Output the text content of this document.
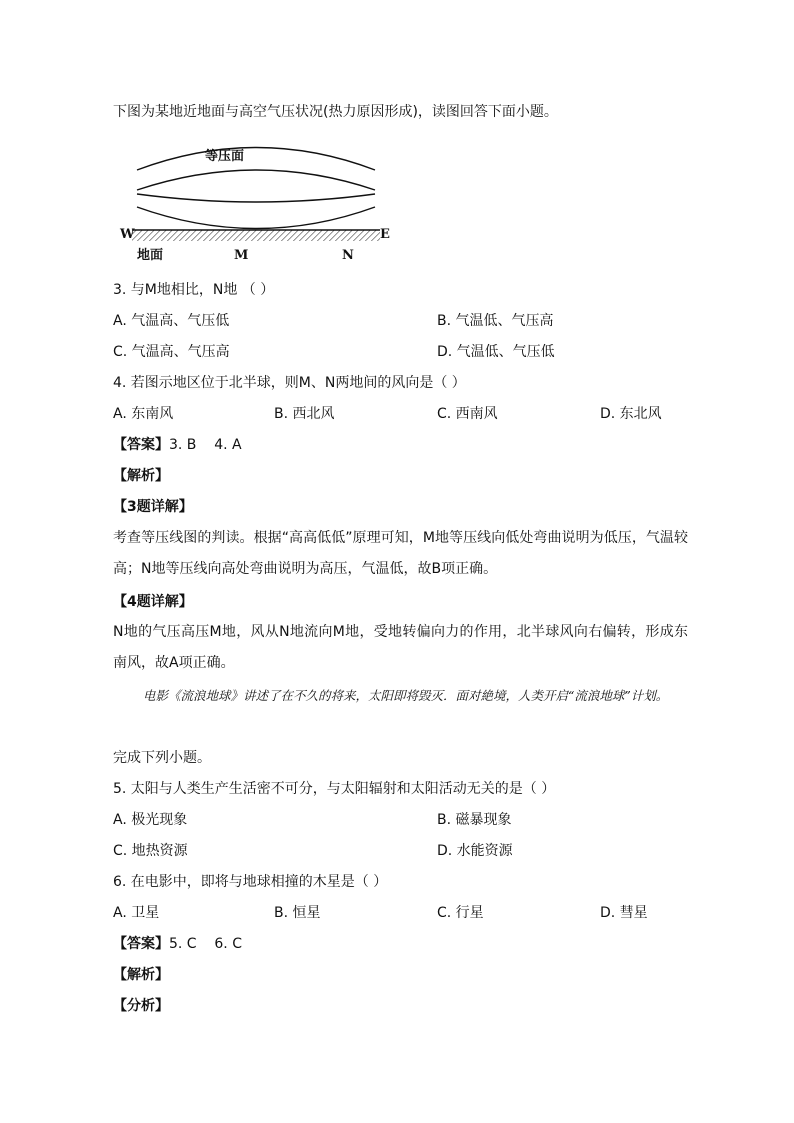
下图为某地近地面与高空气压状况(热力原因形成)，读图回答下面小题。
等压面
W	E
地面	M	N
3. 与M地相比，N地 （ ）
A. 气温高、气压低	B. 气温低、气压高
C. 气温高、气压高	D. 气温低、气压低
4. 若图示地区位于北半球，则M、N两地间的风向是（ ）
A. 东南风	B. 西北风	C. 西南风	D. 东北风
【答案】3. B    4. A
【解析】
【3题详解】
考查等压线图的判读。根据“高高低低”原理可知，M地等压线向低处弯曲说明为低压，气温较高；N地等压线向高处弯曲说明为高压，气温低，故B项正确。
【4题详解】
N地的气压高压M地，风从N地流向M地，受地转偏向力的作用，北半球风向右偏转，形成东南风，故A项正确。
电影《流浪地球》讲述了在不久的将来，太阳即将毁灭．面对絶境，人类开启“流浪地球”计划。
完成下列小题。
5. 太阳与人类生产生活密不可分，与太阳辐射和太阳活动无关的是（ ）
A. 极光现象	B. 磁暴现象
C. 地热资源	D. 水能资源
6. 在电影中，即将与地球相撞的木星是（ ）
A. 卫星	B. 恒星	C. 行星	D. 彗星
【答案】5. C    6. C
【解析】
【分析】
